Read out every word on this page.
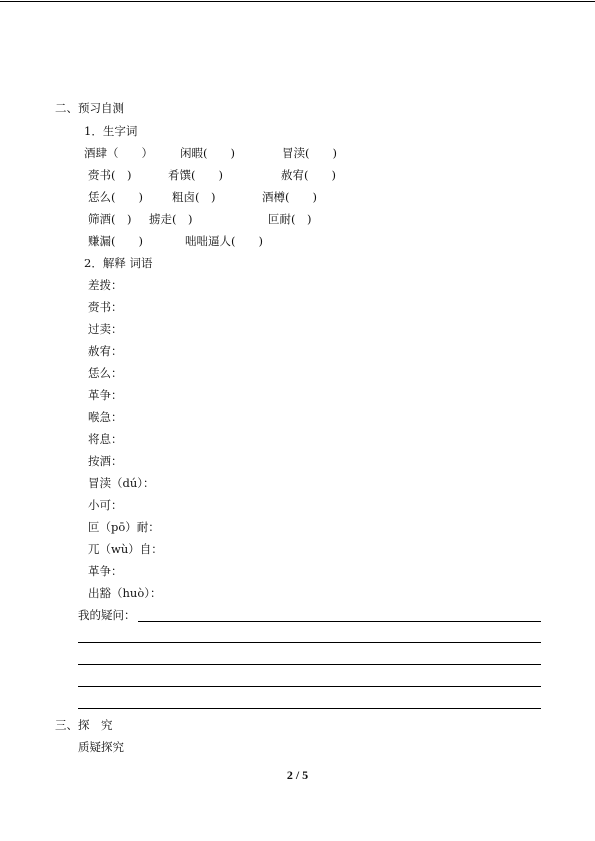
二、预习自测
1．生字词
酒肆（　　） 闲暇(　　)	冒渎(　　)
赍书(　)	肴馔(　　)	赦宥(　　)
恁么(　　)	粗卤(　)	酒樽(　　)
筛酒(　) 掳走(　)	叵耐(　)
赚漏(　　)	咄咄逼人(　　)
2．解释 词语
差拨：
赍书：
过卖：
赦宥：
恁么：
革争：
喉急：
将息：
按酒：
冒渎（dú）：
小可：
叵（pō）耐：
兀（wù）自：
革争：
出豁（huò）：
我的疑问：
三、探　究
质疑探究
2 / 5
